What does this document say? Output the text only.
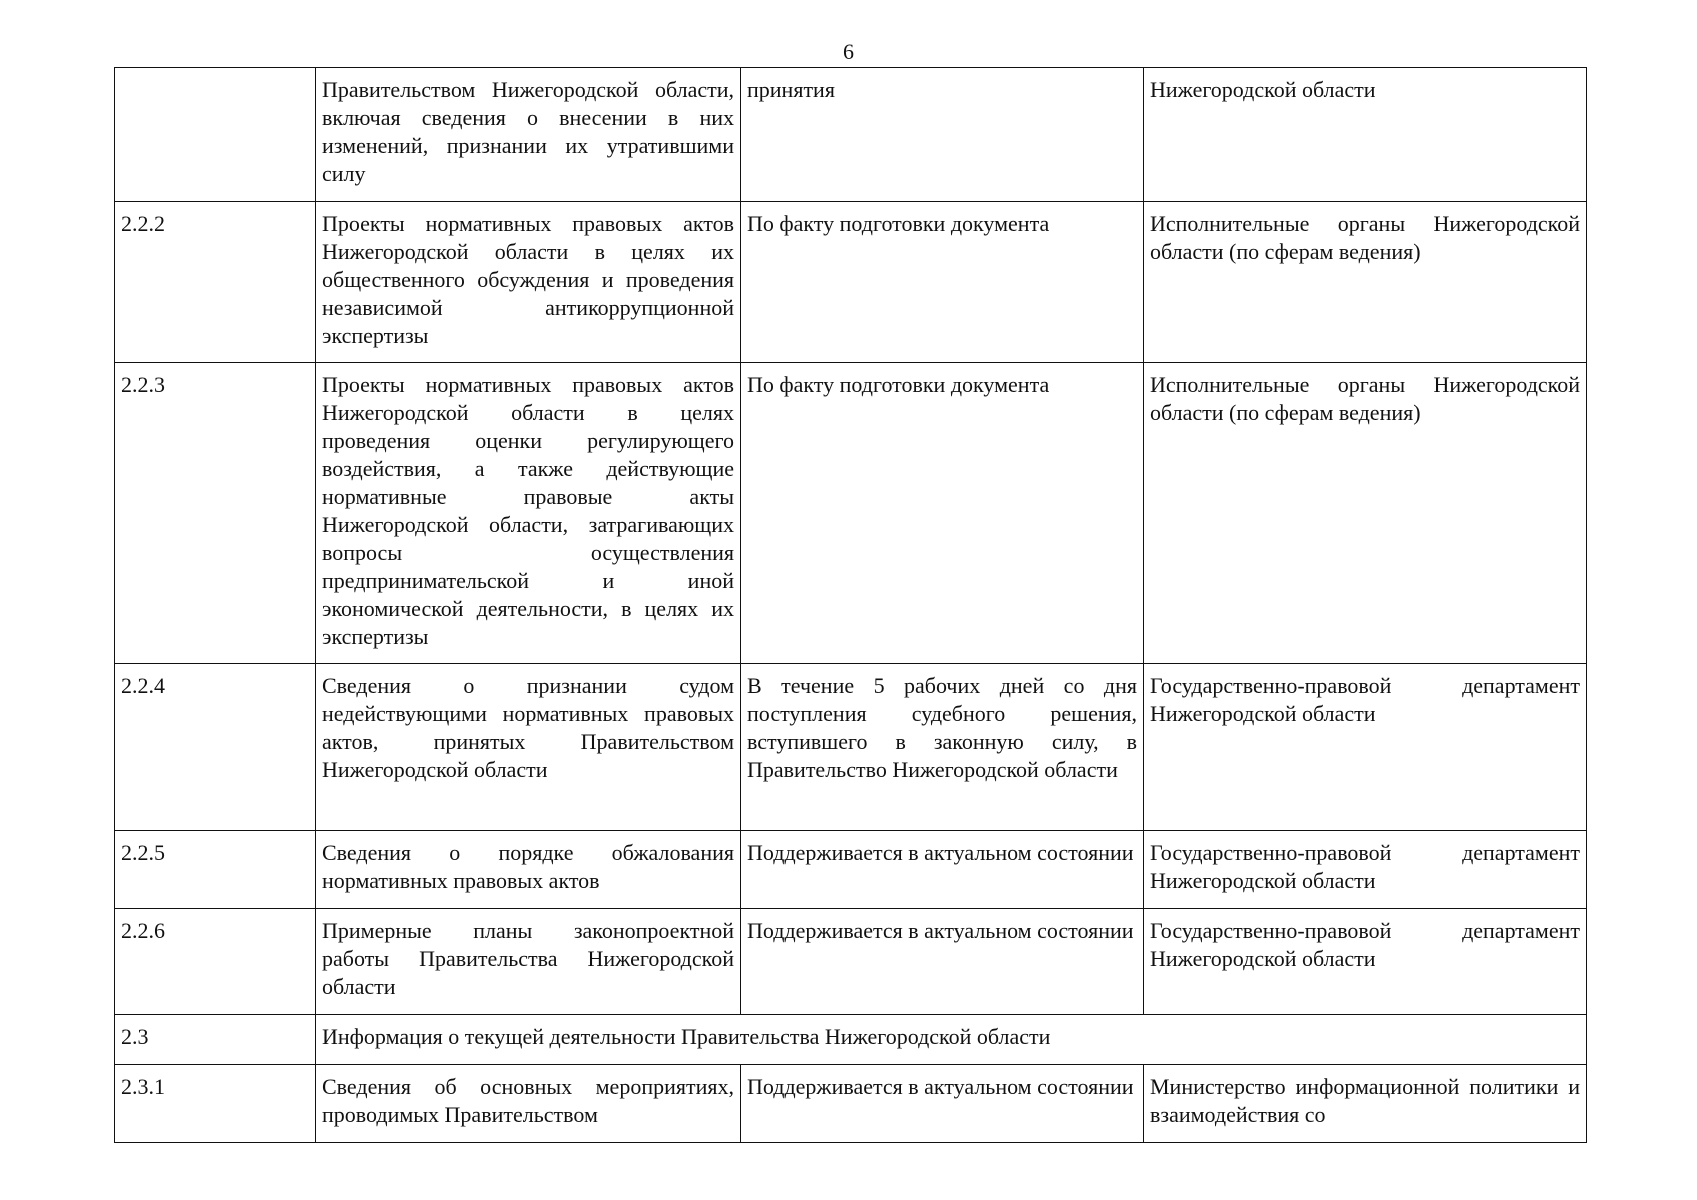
6
	Правительством Нижегородской области, включая сведения о внесении в них изменений, признании их утратившими силу	принятия	Нижегородской области
2.2.2	Проекты нормативных правовых актов Нижегородской области в целях их общественного обсуждения и проведения независимой антикоррупционной экспертизы	По факту подготовки документа	Исполнительные органы Нижегородской области (по сферам ведения)
2.2.3	Проекты нормативных правовых актов Нижегородской области в целях проведения оценки регулирующего воздействия, а также действующие нормативные правовые акты Нижегородской области, затрагивающих вопросы осуществления предпринимательской и иной экономической деятельности, в целях их экспертизы	По факту подготовки документа	Исполнительные органы Нижегородской области (по сферам ведения)
2.2.4	Сведения о признании судом недействующими нормативных правовых актов, принятых Правительством Нижегородской области	В течение 5 рабочих дней со дня поступления судебного решения, вступившего в законную силу, в Правительство Нижегородской области	Государственно-правовой департамент Нижегородской области
2.2.5	Сведения о порядке обжалования нормативных правовых актов	Поддерживается в актуальном состоянии	Государственно-правовой департамент Нижегородской области
2.2.6	Примерные планы законопроектной работы Правительства Нижегородской области	Поддерживается в актуальном состоянии	Государственно-правовой департамент Нижегородской области
2.3	Информация о текущей деятельности Правительства Нижегородской области		
2.3.1	Сведения об основных мероприятиях, проводимых Правительством	Поддерживается в актуальном состоянии	Министерство информационной политики и взаимодействия со
